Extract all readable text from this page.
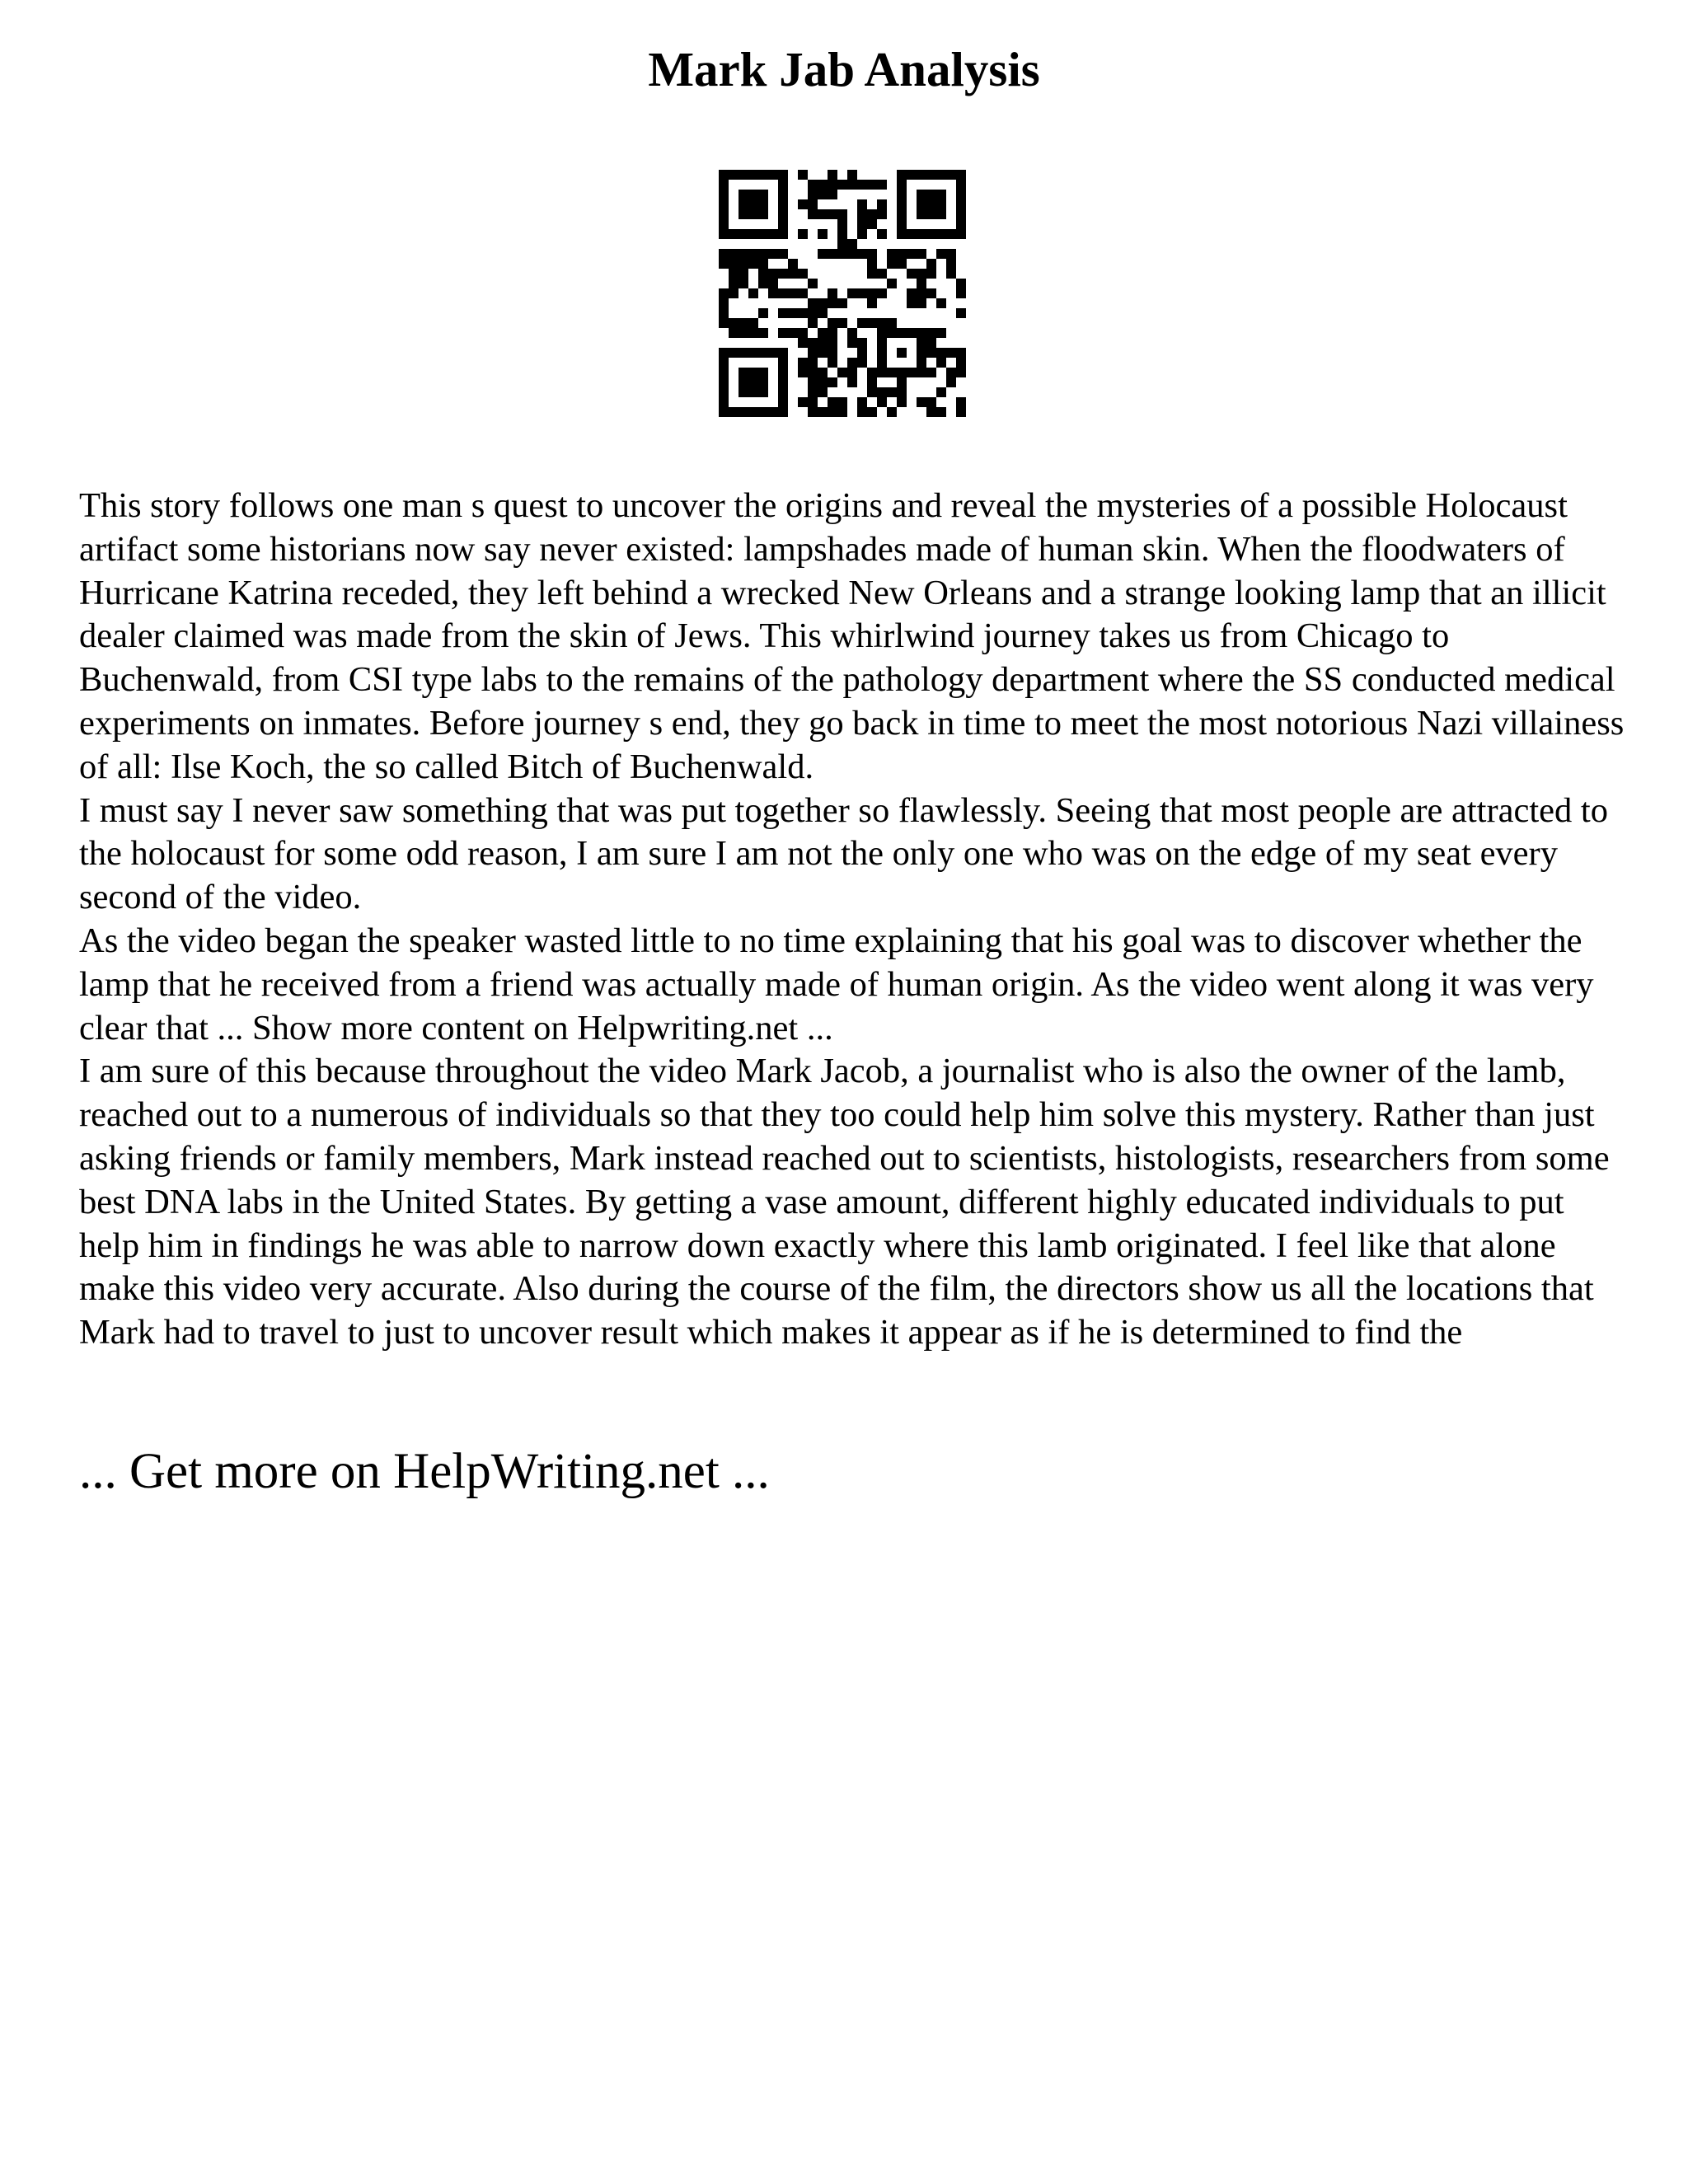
Mark Jab Analysis

This story follows one man s quest to uncover the origins and reveal the mysteries of a possible Holocaust artifact some historians now say never existed: lampshades made of human skin. When the floodwaters of Hurricane Katrina receded, they left behind a wrecked New Orleans and a strange looking lamp that an illicit dealer claimed was made from the skin of Jews. This whirlwind journey takes us from Chicago to Buchenwald, from CSI type labs to the remains of the pathology department where the SS conducted medical experiments on inmates. Before journey s end, they go back in time to meet the most notorious Nazi villainess of all: Ilse Koch, the so called Bitch of Buchenwald.

I must say I never saw something that was put together so flawlessly. Seeing that most people are attracted to the holocaust for some odd reason, I am sure I am not the only one who was on the edge of my seat every second of the video.

As the video began the speaker wasted little to no time explaining that his goal was to discover whether the lamp that he received from a friend was actually made of human origin. As the video went along it was very clear that ... Show more content on Helpwriting.net ...

I am sure of this because throughout the video Mark Jacob, a journalist who is also the owner of the lamb, reached out to a numerous of individuals so that they too could help him solve this mystery. Rather than just asking friends or family members, Mark instead reached out to scientists, histologists, researchers from some best DNA labs in the United States. By getting a vase amount, different highly educated individuals to put help him in findings he was able to narrow down exactly where this lamb originated. I feel like that alone make this video very accurate. Also during the course of the film, the directors show us all the locations that Mark had to travel to just to uncover result which makes it appear as if he is determined to find the

... Get more on HelpWriting.net ...
